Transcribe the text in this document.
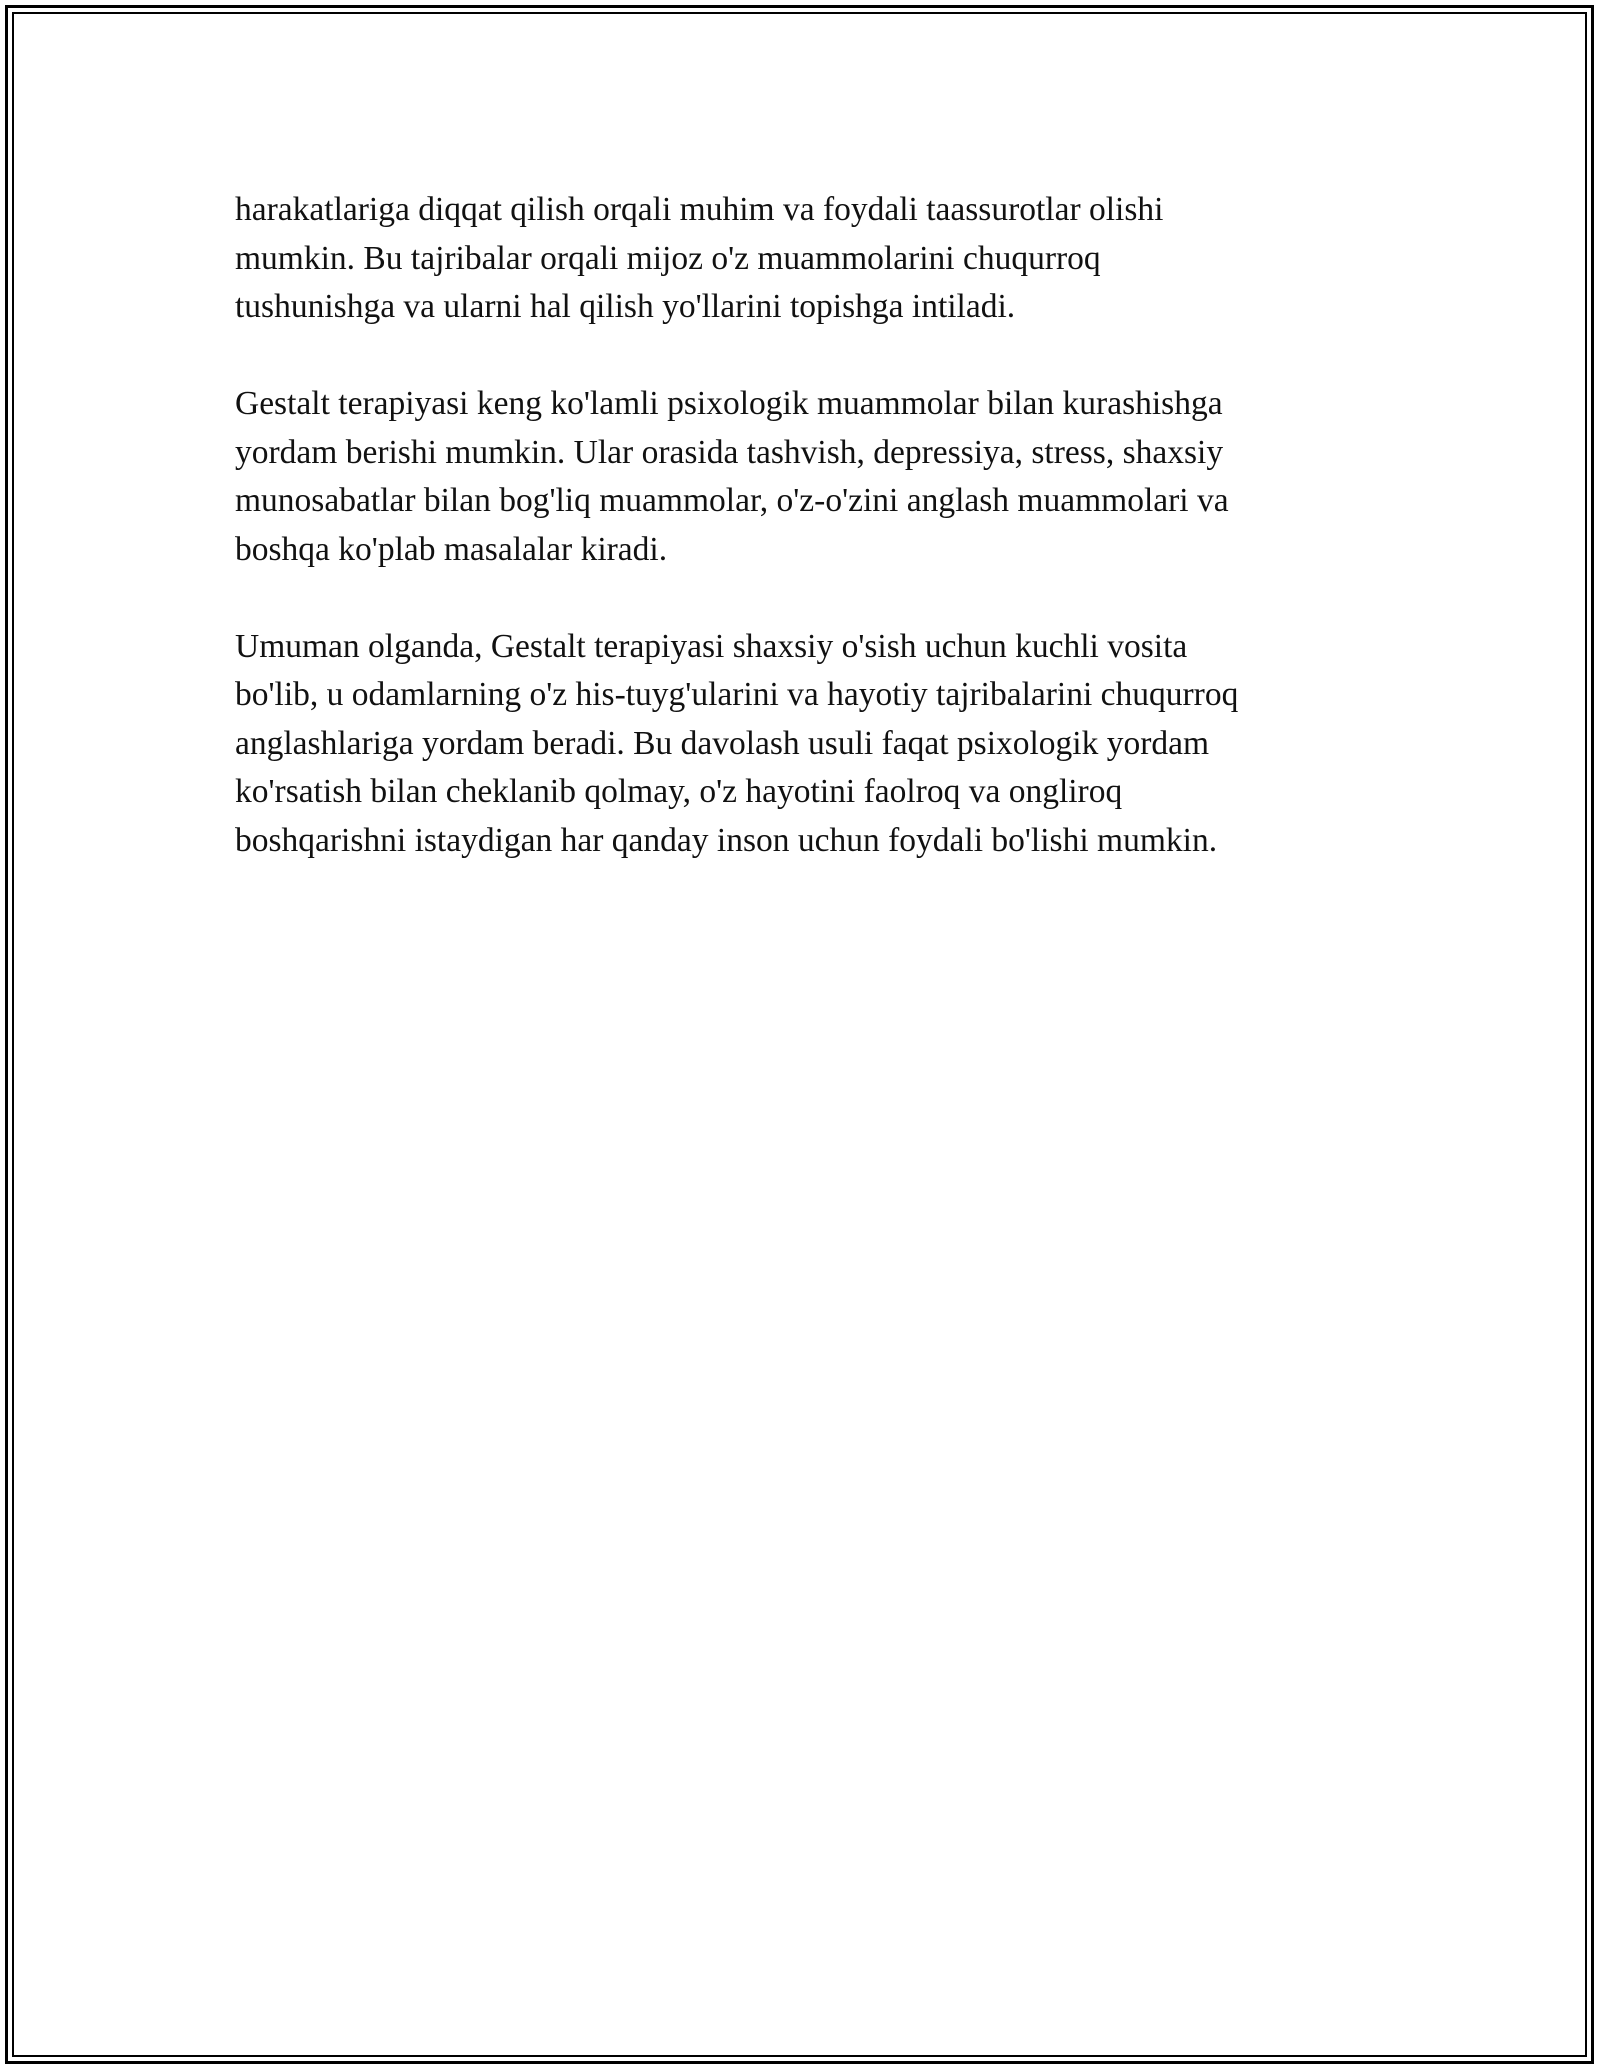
harakatlariga diqqat qilish orqali muhim va foydali taassurotlar olishi
mumkin. Bu tajribalar orqali mijoz o'z muammolarini chuqurroq
tushunishga va ularni hal qilish yo'llarini topishga intiladi.

Gestalt terapiyasi keng ko'lamli psixologik muammolar bilan kurashishga
yordam berishi mumkin. Ular orasida tashvish, depressiya, stress, shaxsiy
munosabatlar bilan bog'liq muammolar, o'z-o'zini anglash muammolari va
boshqa ko'plab masalalar kiradi.

Umuman olganda, Gestalt terapiyasi shaxsiy o'sish uchun kuchli vosita
bo'lib, u odamlarning o'z his-tuyg'ularini va hayotiy tajribalarini chuqurroq
anglashlariga yordam beradi. Bu davolash usuli faqat psixologik yordam
ko'rsatish bilan cheklanib qolmay, o'z hayotini faolroq va ongliroq
boshqarishni istaydigan har qanday inson uchun foydali bo'lishi mumkin.
